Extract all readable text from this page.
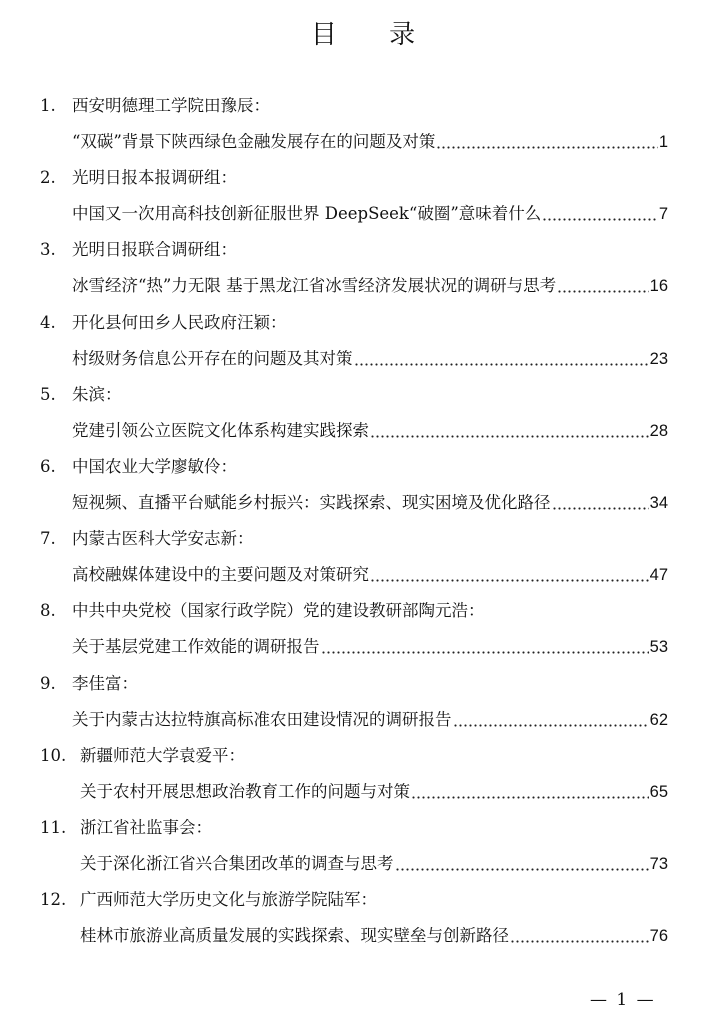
目 录
1. 西安明德理工学院田豫辰：
“双碳”背景下陕西绿色金融发展存在的问题及对策	1
2. 光明日报本报调研组：
中国又一次用高科技创新征服世界 DeepSeek“破圈”意味着什么	7
3. 光明日报联合调研组：
冰雪经济“热”力无限 基于黑龙江省冰雪经济发展状况的调研与思考	16
4. 开化县何田乡人民政府汪颖：
村级财务信息公开存在的问题及其对策	23
5. 朱滨：
党建引领公立医院文化体系构建实践探索	28
6. 中国农业大学廖敏伶：
短视频、直播平台赋能乡村振兴：实践探索、现实困境及优化路径	34
7. 内蒙古医科大学安志新：
高校融媒体建设中的主要问题及对策研究	47
8. 中共中央党校（国家行政学院）党的建设教研部陶元浩：
关于基层党建工作效能的调研报告	53
9. 李佳富：
关于内蒙古达拉特旗高标准农田建设情况的调研报告	62
10. 新疆师范大学袁爱平：
关于农村开展思想政治教育工作的问题与对策	65
11. 浙江省社监事会：
关于深化浙江省兴合集团改革的调查与思考	73
12. 广西师范大学历史文化与旅游学院陆军：
桂林市旅游业高质量发展的实践探索、现实壁垒与创新路径	76
— 1 —
